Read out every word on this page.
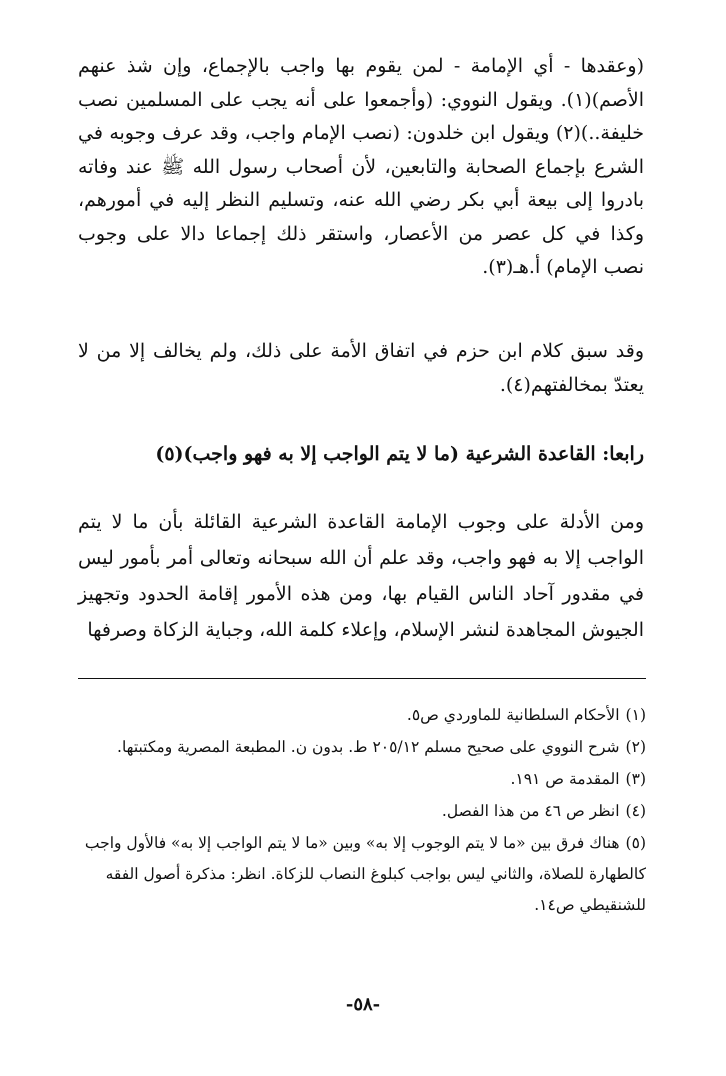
(وعقدها - أي الإمامة - لمن يقوم بها واجب بالإجماع، وإن شذ عنهم الأصم)(١). ويقول النووي: (وأجمعوا على أنه يجب على المسلمين نصب خليفة..)(٢) ويقول ابن خلدون: (نصب الإمام واجب، وقد عرف وجوبه في الشرع بإجماع الصحابة والتابعين، لأن أصحاب رسول الله ﷺ عند وفاته بادروا إلى بيعة أبي بكر رضي الله عنه، وتسليم النظر إليه في أمورهم، وكذا في كل عصر من الأعصار، واستقر ذلك إجماعا دالا على وجوب نصب الإمام) أ.هـ(٣).

وقد سبق كلام ابن حزم في اتفاق الأمة على ذلك، ولم يخالف إلا من لا يعتدّ بمخالفتهم(٤).

رابعا: القاعدة الشرعية (ما لا يتم الواجب إلا به فهو واجب)(٥)

ومن الأدلة على وجوب الإمامة القاعدة الشرعية القائلة بأن ما لا يتم الواجب إلا به فهو واجب، وقد علم أن الله سبحانه وتعالى أمر بأمور ليس في مقدور آحاد الناس القيام بها، ومن هذه الأمور إقامة الحدود وتجهيز الجيوش المجاهدة لنشر الإسلام، وإعلاء كلمة الله، وجباية الزكاة وصرفها

(١)الأحكام السلطانية للماوردي ص٥.

(٢)شرح النووي على صحيح مسلم ٢٠٥/١٢ ط. بدون ن. المطبعة المصرية ومكتبتها.

(٣)المقدمة ص ١٩١.

(٤)انظر ص ٤٦ من هذا الفصل.

(٥)هناك فرق بين «ما لا يتم الوجوب إلا به» وبين «ما لا يتم الواجب إلا به» فالأول واجب كالطهارة للصلاة، والثاني ليس بواجب كبلوغ النصاب للزكاة. انظر: مذكرة أصول الفقه للشنقيطي ص١٤.

-٥٨-
